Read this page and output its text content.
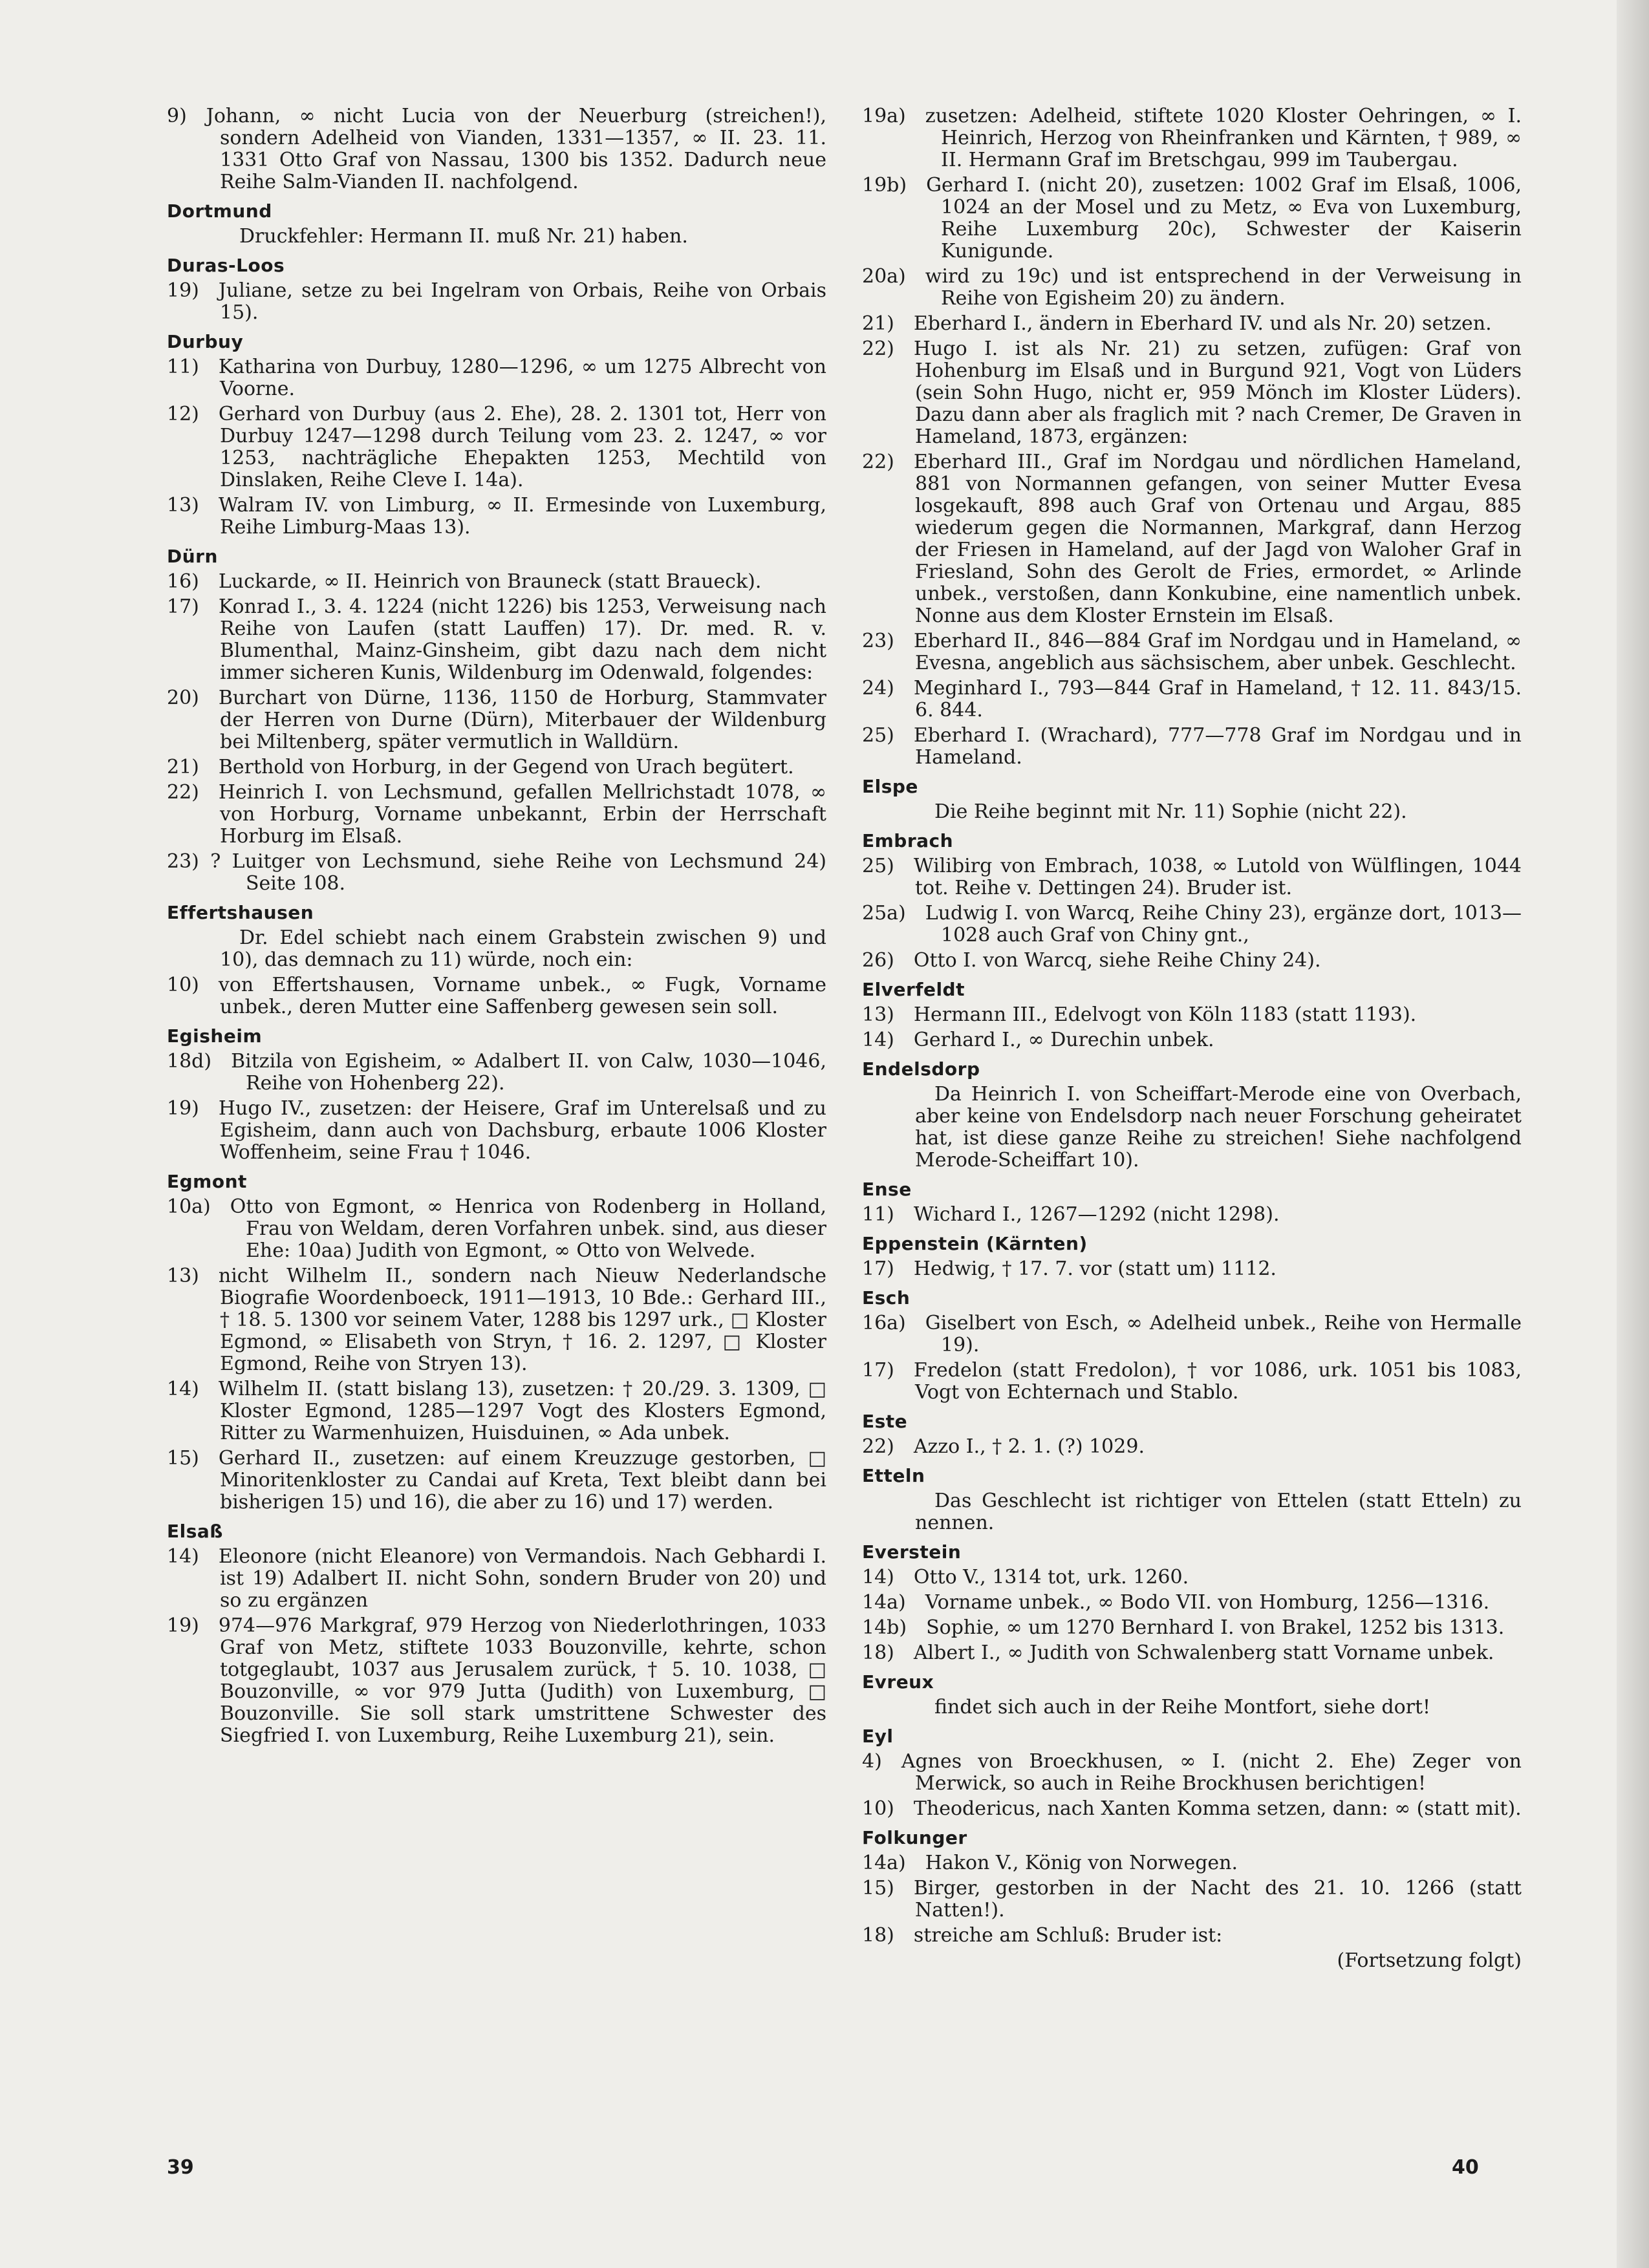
9) Johann, ∞ nicht Lucia von der Neuerburg (streichen!), sondern Adelheid von Vianden, 1331—1357, ∞ II. 23. 11. 1331 Otto Graf von Nassau, 1300 bis 1352. Dadurch neue Reihe Salm-Vianden II. nachfolgend.
Dortmund
Druckfehler: Hermann II. muß Nr. 21) haben.
Duras-Loos
19) Juliane, setze zu bei Ingelram von Orbais, Reihe von Orbais 15).
Durbuy
11) Katharina von Durbuy, 1280—1296, ∞ um 1275 Albrecht von Voorne.
12) Gerhard von Durbuy (aus 2. Ehe), 28. 2. 1301 tot, Herr von Durbuy 1247—1298 durch Teilung vom 23. 2. 1247, ∞ vor 1253, nachträgliche Ehepakten 1253, Mechtild von Dinslaken, Reihe Cleve I. 14a).
13) Walram IV. von Limburg, ∞ II. Ermesinde von Luxemburg, Reihe Limburg-Maas 13).
Dürn
16) Luckarde, ∞ II. Heinrich von Brauneck (statt Braueck).
17) Konrad I., 3. 4. 1224 (nicht 1226) bis 1253, Verweisung nach Reihe von Laufen (statt Lauffen) 17). Dr. med. R. v. Blumenthal, Mainz-Ginsheim, gibt dazu nach dem nicht immer sicheren Kunis, Wildenburg im Odenwald, folgendes:
20) Burchart von Dürne, 1136, 1150 de Horburg, Stammvater der Herren von Durne (Dürn), Miterbauer der Wildenburg bei Miltenberg, später vermutlich in Walldürn.
21) Berthold von Horburg, in der Gegend von Urach begütert.
22) Heinrich I. von Lechsmund, gefallen Mellrichstadt 1078, ∞ von Horburg, Vorname unbekannt, Erbin der Herrschaft Horburg im Elsaß.
23) ? Luitger von Lechsmund, siehe Reihe von Lechsmund 24) Seite 108.
Effertshausen
Dr. Edel schiebt nach einem Grabstein zwischen 9) und 10), das demnach zu 11) würde, noch ein:
10) von Effertshausen, Vorname unbek., ∞ Fugk, Vorname unbek., deren Mutter eine Saffenberg gewesen sein soll.
Egisheim
18d) Bitzila von Egisheim, ∞ Adalbert II. von Calw, 1030—1046, Reihe von Hohenberg 22).
19) Hugo IV., zusetzen: der Heisere, Graf im Unterelsaß und zu Egisheim, dann auch von Dachsburg, erbaute 1006 Kloster Woffenheim, seine Frau † 1046.
Egmont
10a) Otto von Egmont, ∞ Henrica von Rodenberg in Holland, Frau von Weldam, deren Vorfahren unbek. sind, aus dieser Ehe: 10aa) Judith von Egmont, ∞ Otto von Welvede.
13) nicht Wilhelm II., sondern nach Nieuw Nederlandsche Biografie Woordenboeck, 1911—1913, 10 Bde.: Gerhard III., † 18. 5. 1300 vor seinem Vater, 1288 bis 1297 urk., □ Kloster Egmond, ∞ Elisabeth von Stryn, † 16. 2. 1297, □ Kloster Egmond, Reihe von Stryen 13).
14) Wilhelm II. (statt bislang 13), zusetzen: † 20./29. 3. 1309, □ Kloster Egmond, 1285—1297 Vogt des Klosters Egmond, Ritter zu Warmenhuizen, Huisduinen, ∞ Ada unbek.
15) Gerhard II., zusetzen: auf einem Kreuzzuge gestorben, □ Minoritenkloster zu Candai auf Kreta, Text bleibt dann bei bisherigen 15) und 16), die aber zu 16) und 17) werden.
Elsaß
14) Eleonore (nicht Eleanore) von Vermandois. Nach Gebhardi I. ist 19) Adalbert II. nicht Sohn, sondern Bruder von 20) und so zu ergänzen
19) 974—976 Markgraf, 979 Herzog von Niederlothringen, 1033 Graf von Metz, stiftete 1033 Bouzonville, kehrte, schon totgeglaubt, 1037 aus Jerusalem zurück, † 5. 10. 1038, □ Bouzonville, ∞ vor 979 Jutta (Judith) von Luxemburg, □ Bouzonville. Sie soll stark umstrittene Schwester des Siegfried I. von Luxemburg, Reihe Luxemburg 21), sein.
19a) zusetzen: Adelheid, stiftete 1020 Kloster Oehringen, ∞ I. Heinrich, Herzog von Rheinfranken und Kärnten, † 989, ∞ II. Hermann Graf im Bretschgau, 999 im Taubergau.
19b) Gerhard I. (nicht 20), zusetzen: 1002 Graf im Elsaß, 1006, 1024 an der Mosel und zu Metz, ∞ Eva von Luxemburg, Reihe Luxemburg 20c), Schwester der Kaiserin Kunigunde.
20a) wird zu 19c) und ist entsprechend in der Verweisung in Reihe von Egisheim 20) zu ändern.
21) Eberhard I., ändern in Eberhard IV. und als Nr. 20) setzen.
22) Hugo I. ist als Nr. 21) zu setzen, zufügen: Graf von Hohenburg im Elsaß und in Burgund 921, Vogt von Lüders (sein Sohn Hugo, nicht er, 959 Mönch im Kloster Lüders). Dazu dann aber als fraglich mit ? nach Cremer, De Graven in Hameland, 1873, ergänzen:
22) Eberhard III., Graf im Nordgau und nördlichen Hameland, 881 von Normannen gefangen, von seiner Mutter Evesa losgekauft, 898 auch Graf von Ortenau und Argau, 885 wiederum gegen die Normannen, Markgraf, dann Herzog der Friesen in Hameland, auf der Jagd von Waloher Graf in Friesland, Sohn des Gerolt de Fries, ermordet, ∞ Arlinde unbek., verstoßen, dann Konkubine, eine namentlich unbek. Nonne aus dem Kloster Ernstein im Elsaß.
23) Eberhard II., 846—884 Graf im Nordgau und in Hameland, ∞ Evesna, angeblich aus sächsischem, aber unbek. Geschlecht.
24) Meginhard I., 793—844 Graf in Hameland, † 12. 11. 843/15. 6. 844.
25) Eberhard I. (Wrachard), 777—778 Graf im Nordgau und in Hameland.
Elspe
Die Reihe beginnt mit Nr. 11) Sophie (nicht 22).
Embrach
25) Wilibirg von Embrach, 1038, ∞ Lutold von Wülflingen, 1044 tot. Reihe v. Dettingen 24). Bruder ist.
25a) Ludwig I. von Warcq, Reihe Chiny 23), ergänze dort, 1013—1028 auch Graf von Chiny gnt.,
26) Otto I. von Warcq, siehe Reihe Chiny 24).
Elverfeldt
13) Hermann III., Edelvogt von Köln 1183 (statt 1193).
14) Gerhard I., ∞ Durechin unbek.
Endelsdorp
Da Heinrich I. von Scheiffart-Merode eine von Overbach, aber keine von Endelsdorp nach neuer Forschung geheiratet hat, ist diese ganze Reihe zu streichen! Siehe nachfolgend Merode-Scheiffart 10).
Ense
11) Wichard I., 1267—1292 (nicht 1298).
Eppenstein (Kärnten)
17) Hedwig, † 17. 7. vor (statt um) 1112.
Esch
16a) Giselbert von Esch, ∞ Adelheid unbek., Reihe von Hermalle 19).
17) Fredelon (statt Fredolon), † vor 1086, urk. 1051 bis 1083, Vogt von Echternach und Stablo.
Este
22) Azzo I., † 2. 1. (?) 1029.
Etteln
Das Geschlecht ist richtiger von Ettelen (statt Etteln) zu nennen.
Everstein
14) Otto V., 1314 tot, urk. 1260.
14a) Vorname unbek., ∞ Bodo VII. von Homburg, 1256—1316.
14b) Sophie, ∞ um 1270 Bernhard I. von Brakel, 1252 bis 1313.
18) Albert I., ∞ Judith von Schwalenberg statt Vorname unbek.
Evreux
findet sich auch in der Reihe Montfort, siehe dort!
Eyl
4) Agnes von Broeckhusen, ∞ I. (nicht 2. Ehe) Zeger von Merwick, so auch in Reihe Brockhusen berichtigen!
10) Theodericus, nach Xanten Komma setzen, dann: ∞ (statt mit).
Folkunger
14a) Hakon V., König von Norwegen.
15) Birger, gestorben in der Nacht des 21. 10. 1266 (statt Natten!).
18) streiche am Schluß: Bruder ist:
(Fortsetzung folgt)
39	40
